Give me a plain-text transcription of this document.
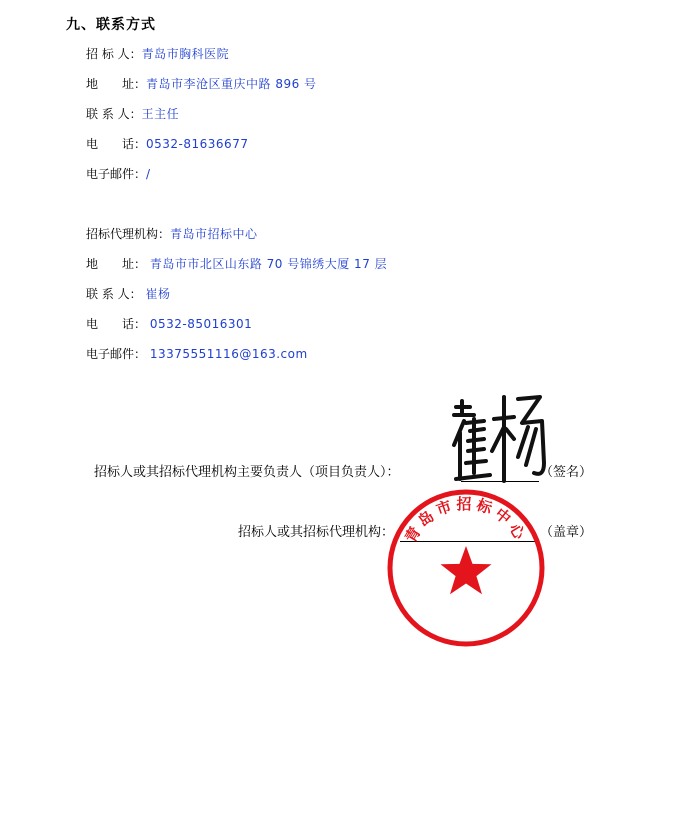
九、联系方式
招 标 人：青岛市胸科医院
地　　址：青岛市李沧区重庆中路 896 号
联 系 人：王主任
电　　话：0532-81636677
电子邮件：/
招标代理机构：青岛市招标中心
地　　址： 青岛市市北区山东路 70 号锦绣大厦 17 层
联 系 人： 崔杨
电　　话： 0532-85016301
电子邮件： 13375551116@163.com
招标人或其招标代理机构主要负责人（项目负责人）：	（签名）
招标人或其招标代理机构：	（盖章）
青岛市招标中心
